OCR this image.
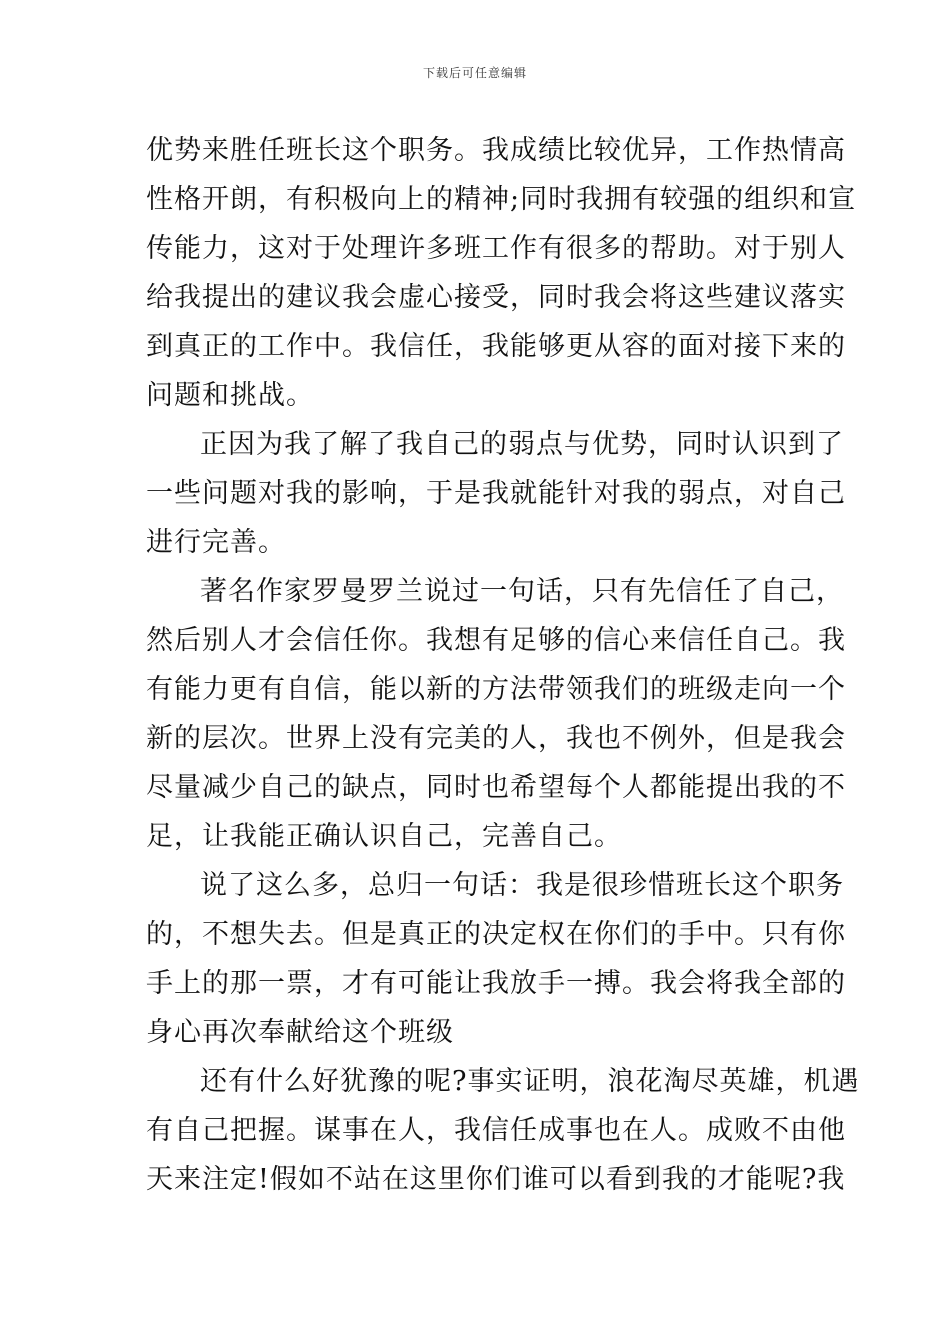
下载后可任意编辑
优势来胜任班长这个职务。我成绩比较优异，工作热情高
性格开朗，有积极向上的精神;同时我拥有较强的组织和宣
传能力，这对于处理许多班工作有很多的帮助。对于别人
给我提出的建议我会虚心接受，同时我会将这些建议落实
到真正的工作中。我信任，我能够更从容的面对接下来的
问题和挑战。
正因为我了解了我自己的弱点与优势，同时认识到了
一些问题对我的影响，于是我就能针对我的弱点，对自己
进行完善。
著名作家罗曼罗兰说过一句话，只有先信任了自己，
然后别人才会信任你。我想有足够的信心来信任自己。我
有能力更有自信，能以新的方法带领我们的班级走向一个
新的层次。世界上没有完美的人，我也不例外，但是我会
尽量减少自己的缺点，同时也希望每个人都能提出我的不
足，让我能正确认识自己，完善自己。
说了这么多，总归一句话：我是很珍惜班长这个职务
的，不想失去。但是真正的决定权在你们的手中。只有你
手上的那一票，才有可能让我放手一搏。我会将我全部的
身心再次奉献给这个班级
还有什么好犹豫的呢?事实证明，浪花淘尽英雄，机遇
有自己把握。谋事在人，我信任成事也在人。成败不由他
天来注定!假如不站在这里你们谁可以看到我的才能呢?我
